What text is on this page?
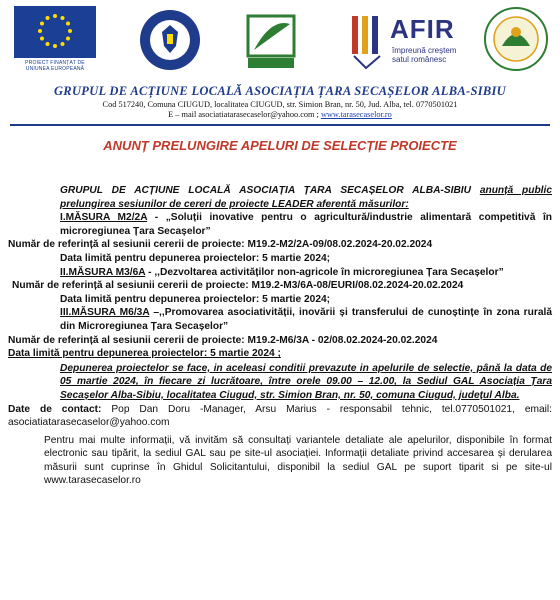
PROIECT FINANȚAT DE UNIUNEA EUROPEANĂ
AFIR
împreună creștem
satul românesc
GRUPUL DE ACȚIUNE LOCALĂ ASOCIAȚIA ȚARA SECAȘELOR ALBA-SIBIU
Cod 517240, Comuna CIUGUD, localitatea CIUGUD, str. Simion Bran, nr. 50, Jud. Alba, tel. 0770501021
E – mail asociatiatarasecaselor@yahoo.com ; www.tarasecaselor.ro
ANUNȚ PRELUNGIRE APELURI DE SELECȚIE PROIECTE

GRUPUL DE ACȚIUNE LOCALĂ ASOCIAȚIA ȚARA SECAȘELOR ALBA-SIBIU anunță public prelungirea sesiunilor de cereri de proiecte LEADER aferentă măsurilor:

I.MĂSURA M2/2A - „Soluții inovative pentru o agricultură/industrie alimentară competitivă în microregiunea Țara Secașelor”

Număr de referință al sesiunii cererii de proiecte: M19.2-M2/2A-09/08.02.2024-20.02.2024

Data limită pentru depunerea proiectelor: 5 martie 2024;

II.MĂSURA M3/6A - ,,Dezvoltarea activităților non-agricole în microregiunea Țara Secașelor”

Număr de referință al sesiunii cererii de proiecte: M19.2-M3/6A-08/EURI/08.02.2024-20.02.2024

Data limită pentru depunerea proiectelor: 5 martie 2024;

III.MĂSURA M6/3A –,,Promovarea asociativității, inovării și transferului de cunoștințe în zona rurală din Microregiunea Țara Secașelor”

Număr de referință al sesiunii cererii de proiecte: M19.2-M6/3A - 02/08.02.2024-20.02.2024

Data limită pentru depunerea proiectelor: 5 martie 2024 ;

Depunerea proiectelor se face, in aceleasi conditii prevazute in apelurile de selectie, până la data de 05 martie 2024, în fiecare zi lucrătoare, între orele 09.00 – 12.00, la Sediul GAL Asociația Țara Secașelor Alba-Sibiu, localitatea Ciugud, str. Simion Bran, nr. 50, comuna Ciugud, județul Alba.

Date de contact: Pop Dan Doru -Manager, Arsu Marius - responsabil tehnic, tel.0770501021, email: asociatiatarasecaselor@yahoo.com

Pentru mai multe informații, vă invităm să consultați variantele detaliate ale apelurilor, disponibile în format electronic sau tipărit, la sediul GAL sau pe site-ul asociației. Informații detaliate privind accesarea și derularea măsurii sunt cuprinse în Ghidul Solicitantului, disponibil la sediul GAL pe suport tiparit si pe site-ul www.tarasecaselor.ro
